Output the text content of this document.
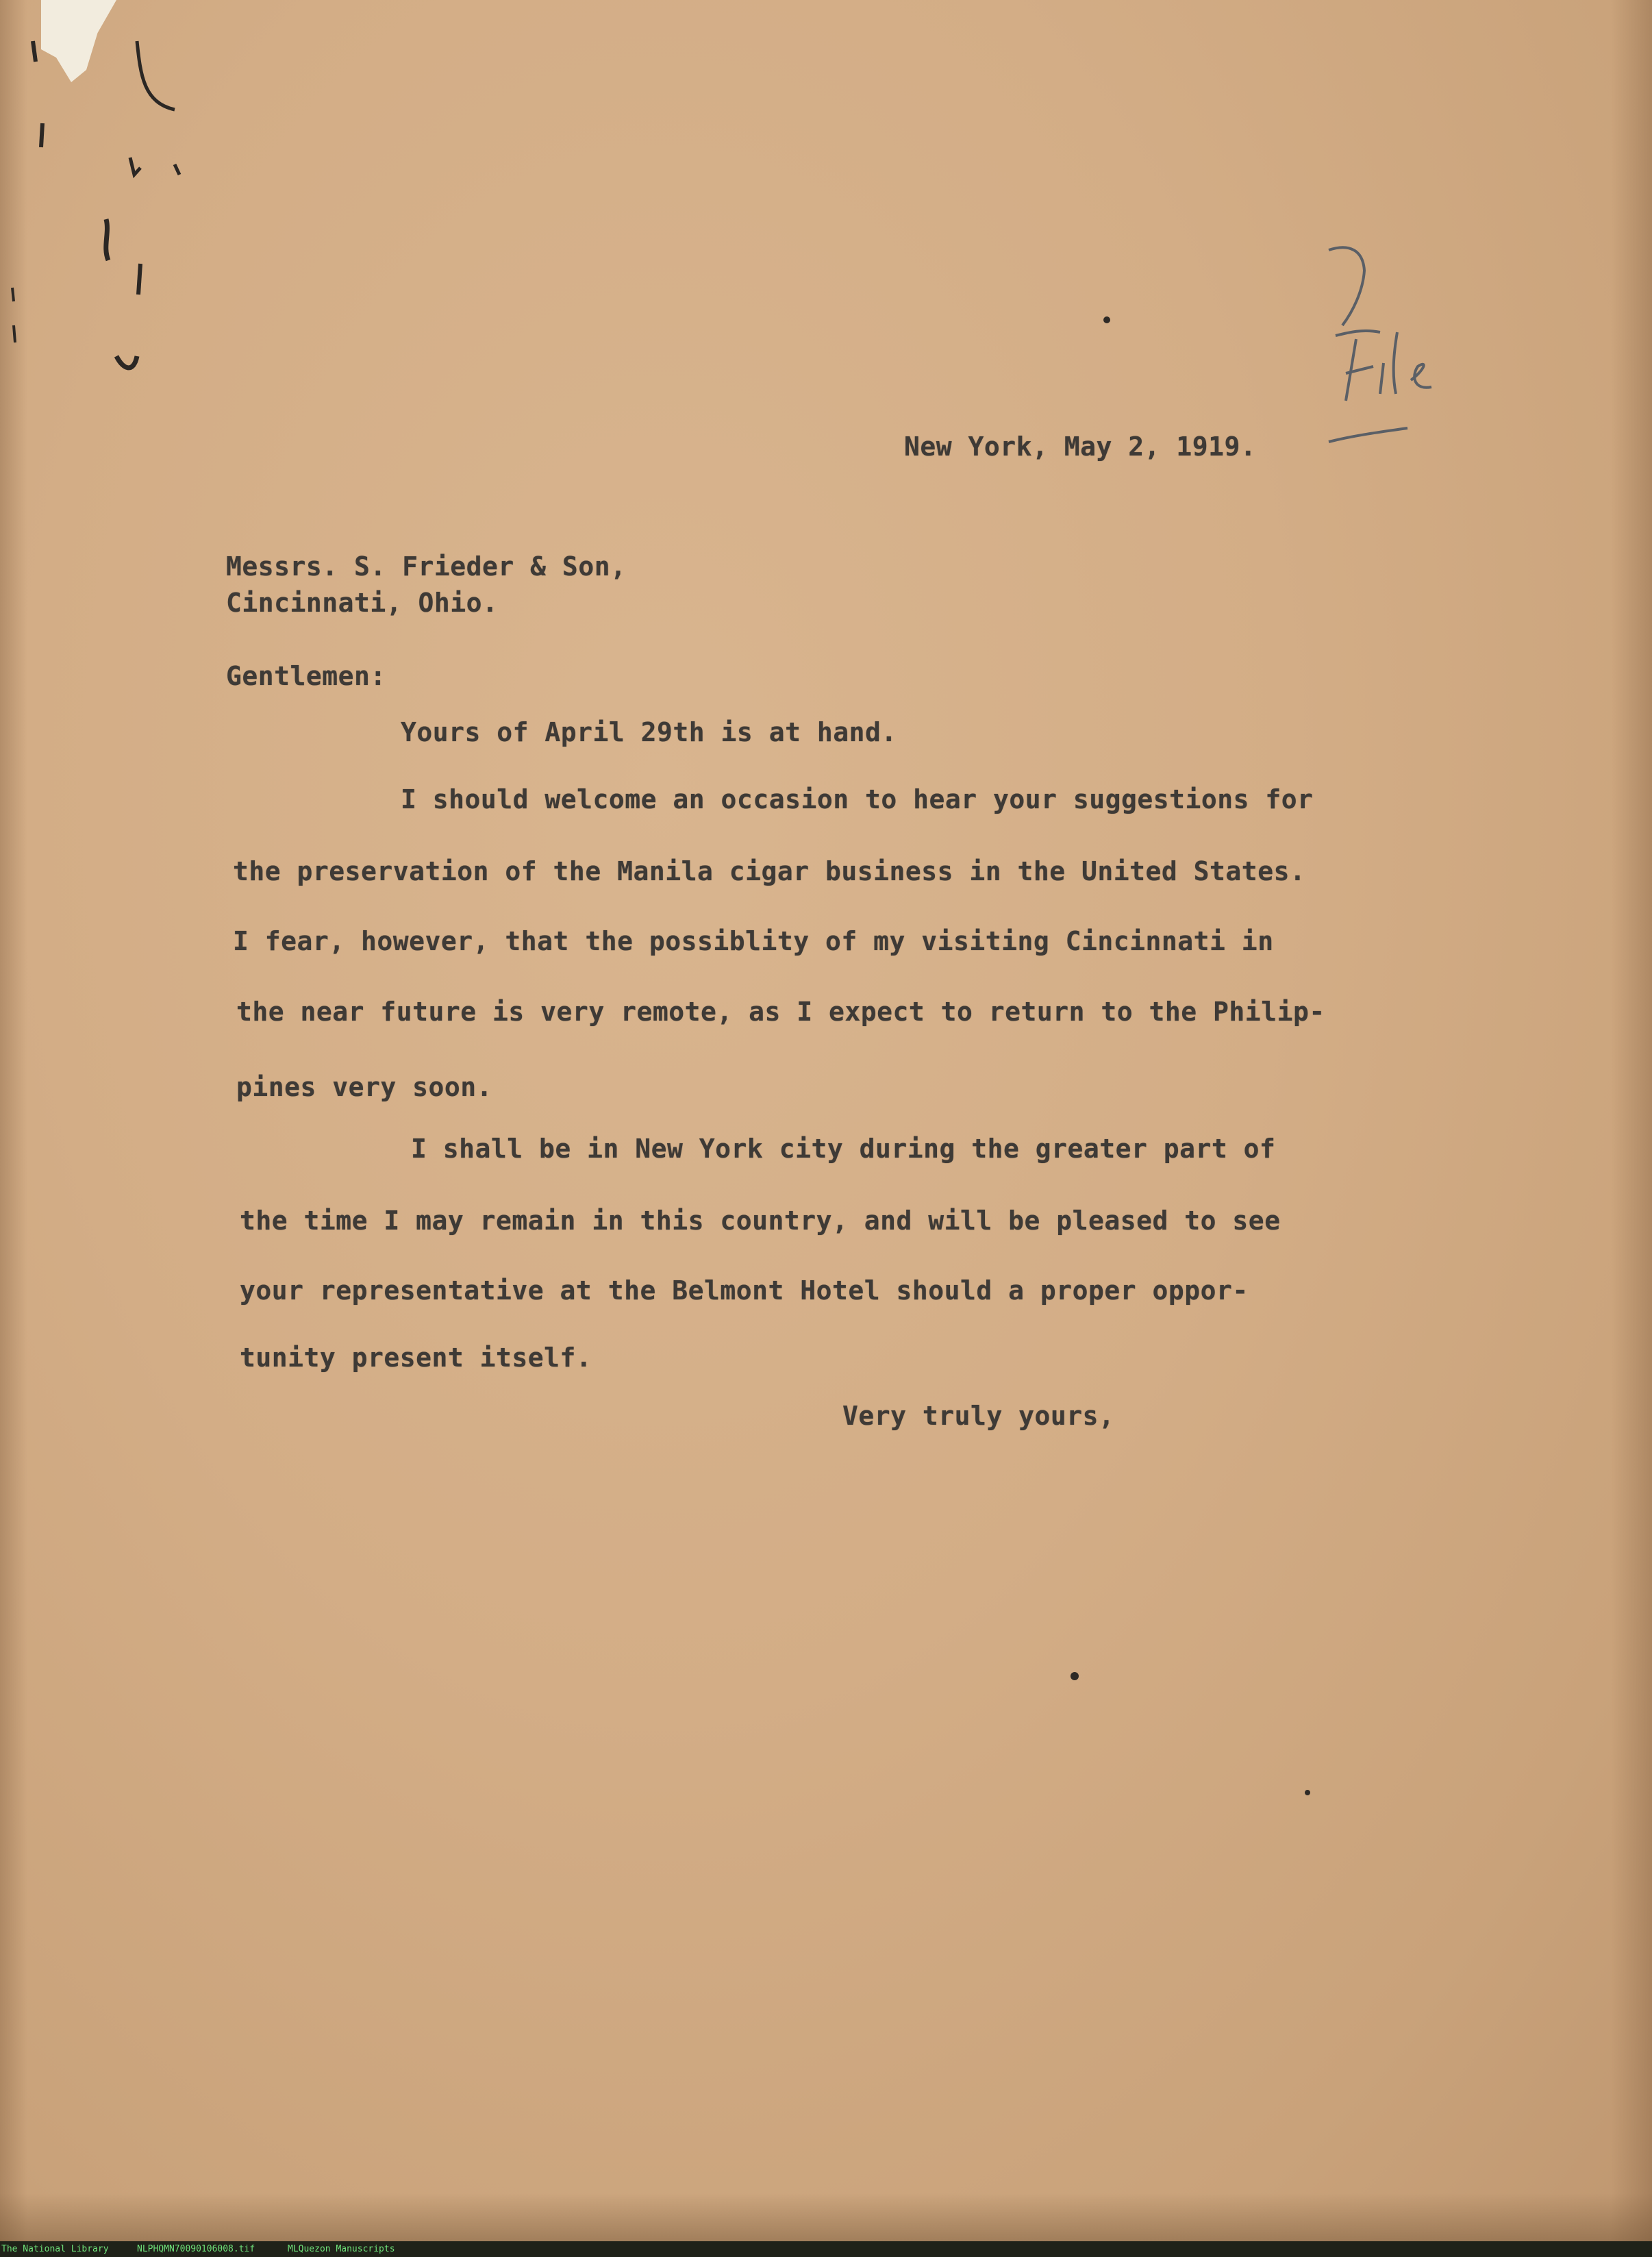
File
New York, May 2, 1919.
Messrs. S. Frieder & Son,
Cincinnati, Ohio.
Gentlemen:
Yours of April 29th is at hand.
I should welcome an occasion to hear your suggestions for
the preservation of the Manila cigar business in the United States.
I fear, however, that the possiblity of my visiting Cincinnati in
the near future is very remote, as I expect to return to the Philip-
pines very soon.
I shall be in New York city during the greater part of
the time I may remain in this country, and will be pleased to see
your representative at the Belmont Hotel should a proper oppor-
tunity present itself.
Very truly yours,
The National Library	NLPHQMN70090106008.tif	MLQuezon Manuscripts
